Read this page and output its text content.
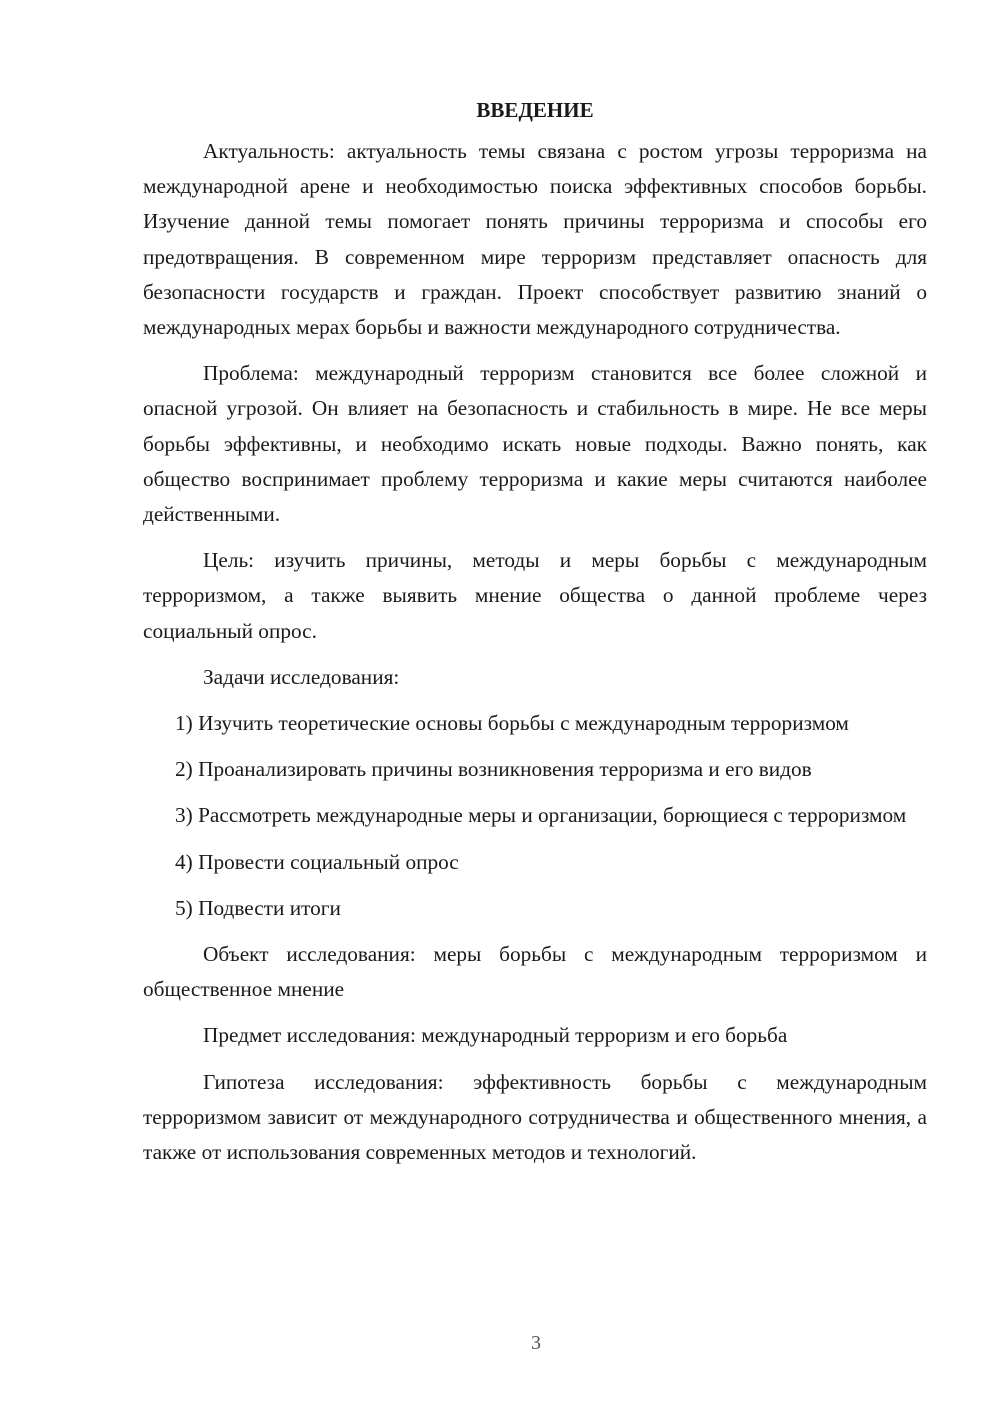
ВВЕДЕНИЕ

Актуальность: актуальность темы связана с ростом угрозы терроризма на международной арене и необходимостью поиска эффективных способов борьбы. Изучение данной темы помогает понять причины терроризма и способы его предотвращения. В современном мире терроризм представляет опасность для безопасности государств и граждан. Проект способствует развитию знаний о международных мерах борьбы и важности международного сотрудничества.

Проблема: международный терроризм становится все более сложной и опасной угрозой. Он влияет на безопасность и стабильность в мире. Не все меры борьбы эффективны, и необходимо искать новые подходы. Важно понять, как общество воспринимает проблему терроризма и какие меры считаются наиболее действенными.

Цель: изучить причины, методы и меры борьбы с международным терроризмом, а также выявить мнение общества о данной проблеме через социальный опрос.

Задачи исследования:

1) Изучить теоретические основы борьбы с международным терроризмом

2) Проанализировать причины возникновения терроризма и его видов

3) Рассмотреть международные меры и организации, борющиеся с терроризмом

4) Провести социальный опрос

5) Подвести итоги

Объект исследования: меры борьбы с международным терроризмом и общественное мнение

Предмет исследования: международный терроризм и его борьба

Гипотеза исследования: эффективность борьбы с международным терроризмом зависит от международного сотрудничества и общественного мнения, а также от использования современных методов и технологий.

3
